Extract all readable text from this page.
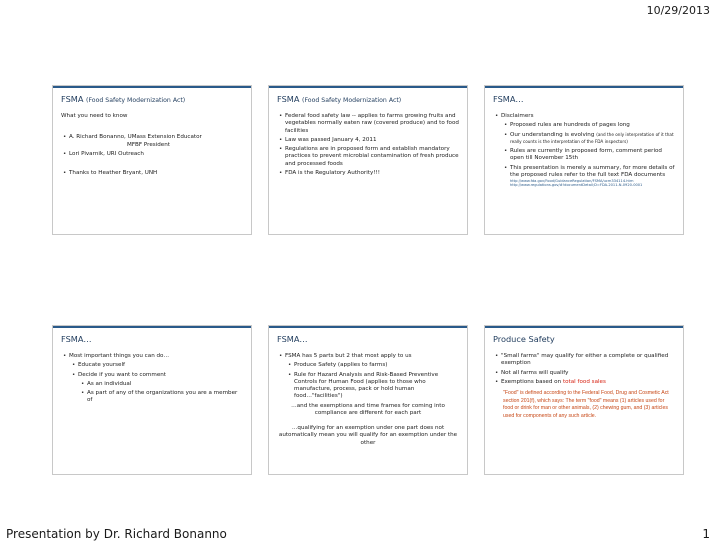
10/29/2013
FSMA (Food Safety Modernization Act)

What you need to know

• A. Richard Bonanno, UMass Extension Educator
MFBF President
• Lori Pivarnik, URI Outreach
• Thanks to Heather Bryant, UNH
FSMA (Food Safety Modernization Act)
• Federal food safety law -- applies to farms growing fruits and vegetables normally eaten raw (covered produce) and to food facilities
• Law was passed January 4, 2011
• Regulations are in proposed form and establish mandatory practices to prevent microbial contamination of fresh produce and processed foods
• FDA is the Regulatory Authority!!!
FSMA…
• Disclaimers
• Proposed rules are hundreds of pages long
• Our understanding is evolving (and the only interpretation of it that really counts is the interpretation of the FDA inspectors)
• Rules are currently in proposed form, comment period open till November 15th
• This presentation is merely a summary, for more details of the proposed rules refer to the full text FDA documents
http://www.fda.gov/Food/GuidanceRegulation/FSMA/ucm334114.htm
http://www.regulations.gov/#!documentDetail;D=FDA-2011-N-0920-0001
FSMA…
• Most important things you can do…
• Educate yourself
• Decide if you want to comment
• As an individual
• As part of any of the organizations you are a member of
FSMA…
• FSMA has 5 parts but 2 that most apply to us
• Produce Safety (applies to farms)
• Rule for Hazard Analysis and Risk-Based Preventive Controls for Human Food (applies to those who manufacture, process, pack or hold human food…"facilities")

…and the exemptions and time frames for coming into compliance are different for each part

…qualifying for an exemption under one part does not automatically mean you will qualify for an exemption under the other

Produce Safety
• "Small farms" may qualify for either a complete or qualified exemption
• Not all farms will qualify
• Exemptions based on total food sales
"Food" is defined according to the Federal Food, Drug and Cosmetic Act section 201(f), which says: The term "food" means (1) articles used for food or drink for man or other animals, (2) chewing gum, and (3) articles used for components of any such article.
Presentation by Dr. Richard Bonanno	1
